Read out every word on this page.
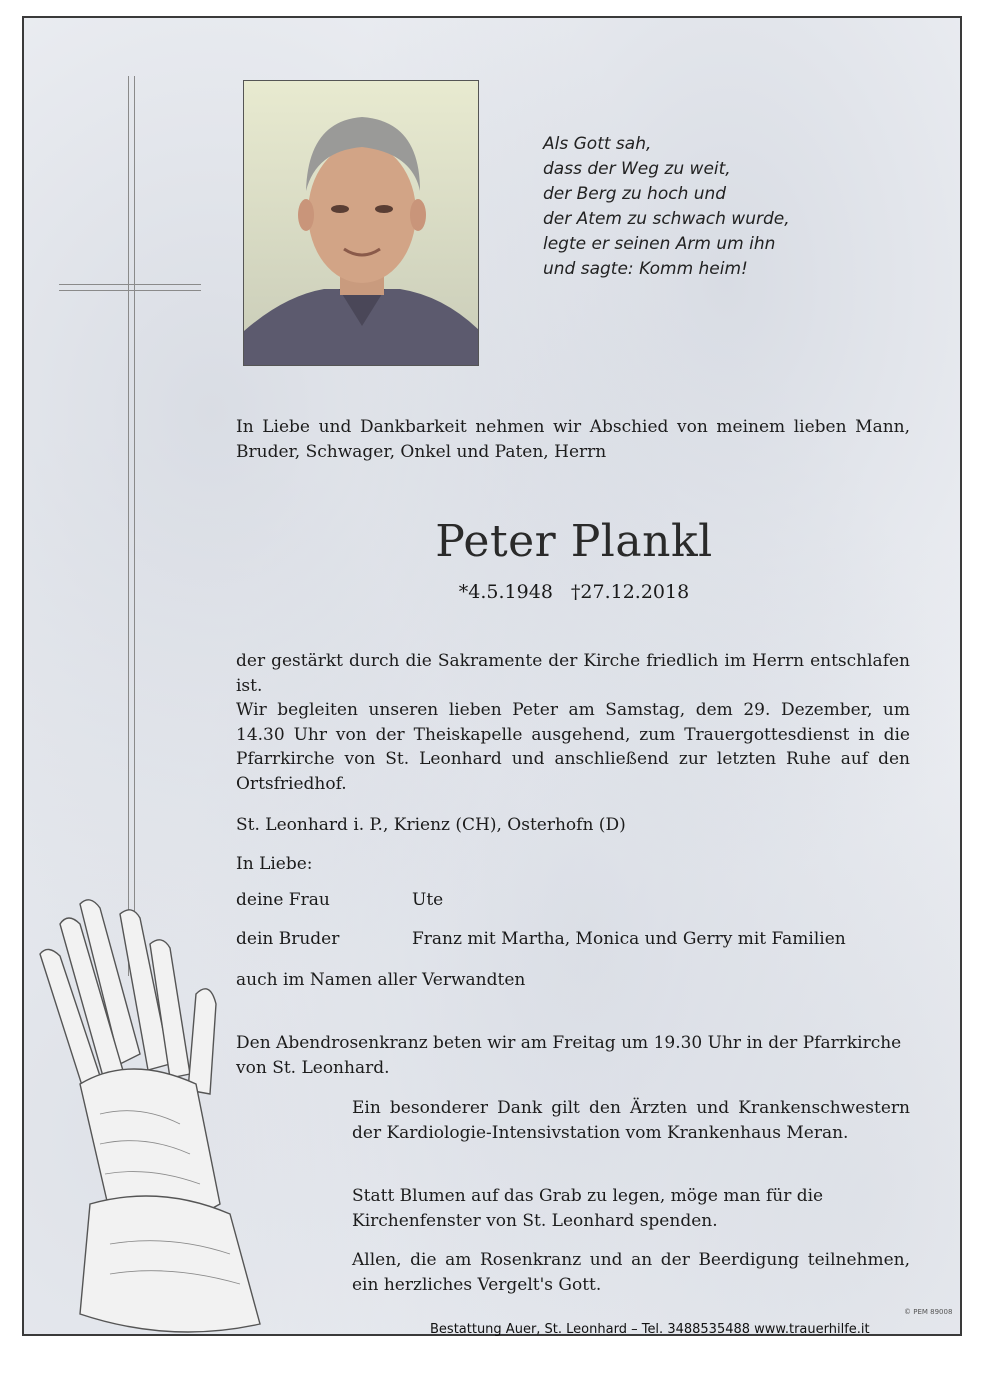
Als Gott sah,
dass der Weg zu weit,
der Berg zu hoch und
der Atem zu schwach wurde,
legte er seinen Arm um ihn
und sagte: Komm heim!

In Liebe und Dankbarkeit nehmen wir Abschied von meinem lieben Mann, Bruder, Schwager, Onkel und Paten, Herrn

Peter Plankl
*4.5.1948 †27.12.2018

der gestärkt durch die Sakramente der Kirche friedlich im Herrn entschlafen ist.

Wir begleiten unseren lieben Peter am Samstag, dem 29. Dezember, um 14.30 Uhr von der Theiskapelle ausgehend, zum Trauergottesdienst in die Pfarrkirche von St. Leonhard und anschließend zur letzten Ruhe auf den Ortsfriedhof.

St. Leonhard i. P., Krienz (CH), Osterhofn (D)

In Liebe:

deine Frau	Ute
dein Bruder	Franz mit Martha, Monica und Gerry mit Familien

auch im Namen aller Verwandten

Den Abendrosenkranz beten wir am Freitag um 19.30 Uhr in der Pfarrkirche von St. Leonhard.

Ein besonderer Dank gilt den Ärzten und Krankenschwestern der Kardiologie-Intensivstation vom Krankenhaus Meran.

Statt Blumen auf das Grab zu legen, möge man für die Kirchenfenster von St. Leonhard spenden.

Allen, die am Rosenkranz und an der Beerdigung teilnehmen, ein herzliches Vergelt's Gott.

© PEM 89008
Bestattung Auer, St. Leonhard – Tel. 3488535488 www.trauerhilfe.it
